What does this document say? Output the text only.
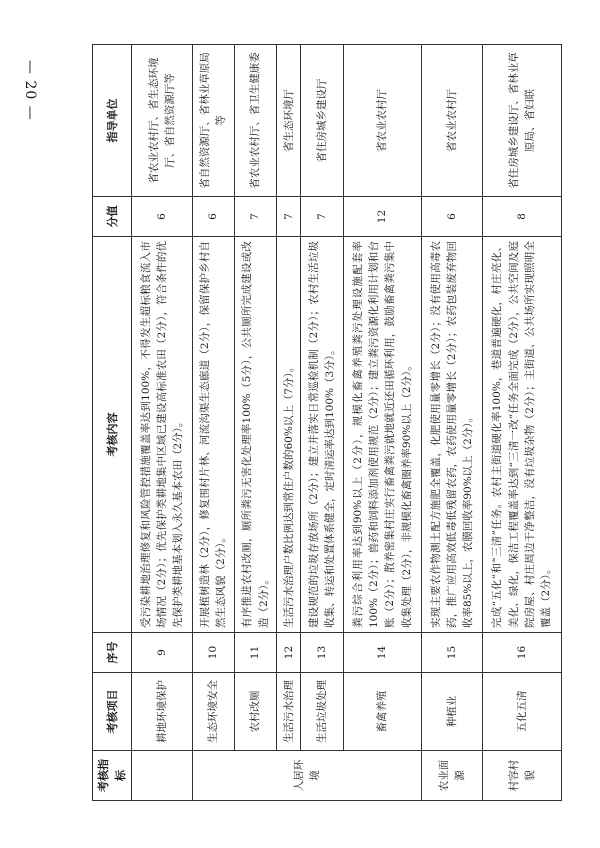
— 20 —
考核指标	考核项目	序号	考核内容	分值	指导单位
	耕地环境保护	9	受污染耕地治理修复和风险管控措施覆盖率达到100%，不得发生超标粮食流入市场情况（2分）；优先保护类耕地集中区域已建设高标准农田（2分），符合条件的优先保护类耕地基本划入永久基本农田（2分）。	6	省农业农村厅、省生态环境厅、省自然资源厅等
人居环境	生态环境安全	10	开展植树造林（2分），修复围村片林、河流沟渠生态廊道（2分），保留保护乡村自然生态风貌（2分）。	6	省自然资源厅、省林业草原局等
	农村改厕	11	有序推进农村改厕，厕所粪污无害化处理率100%（5分），公共厕所完成建设或改造（2分）。	7	省农业农村厅、省卫生健康委
	生活污水治理	12	生活污水治理户数比例达到常住户数的60%以上（7分）。	7	省生态环境厅
	生活垃圾处理	13	建设规范的垃圾存放场所（2分）；建立并落实日常巡检机制（2分）；农村生活垃圾收集、转运和处置体系健全，定时清运率达到100%（3分）。	7	省住房城乡建设厅
	畜禽养殖	14	粪污综合利用率达到90%以上（2分），规模化畜禽养殖粪污处理设施配套率100%（2分）；兽药和饲料添加剂使用规范（2分）；建立粪污资源化利用计划和台账（2分）；散养密集村庄实行畜禽粪污就地就近还田循环利用，鼓励畜禽粪污集中收集处理（2分），非规模化畜禽圈养率90%以上（2分）。	12	省农业农村厅
农业面源	种植业	15	实现主要农作物测土配方施肥全覆盖，化肥使用量零增长（2分）；没有使用高毒农药，推广应用高效低毒低残留农药，农药使用量零增长（2分）；农药包装废弃物回收率85%以上，农膜回收率90%以上（2分）。	6	省农业农村厅
村容村貌	五化五清	16	完成“五化”和“三清”任务。农村主街道硬化率100%，巷道普遍硬化，村庄亮化、美化、绿化，保洁工程覆盖率达到“三清一改”任务全面完成（2分），公共空间及庭院房屋、村庄周边干净整洁，没有垃圾杂物（2分）；主街道、公共场所实现照明全覆盖（2分）。	8	省住房城乡建设厅、省林业草原局、省妇联
